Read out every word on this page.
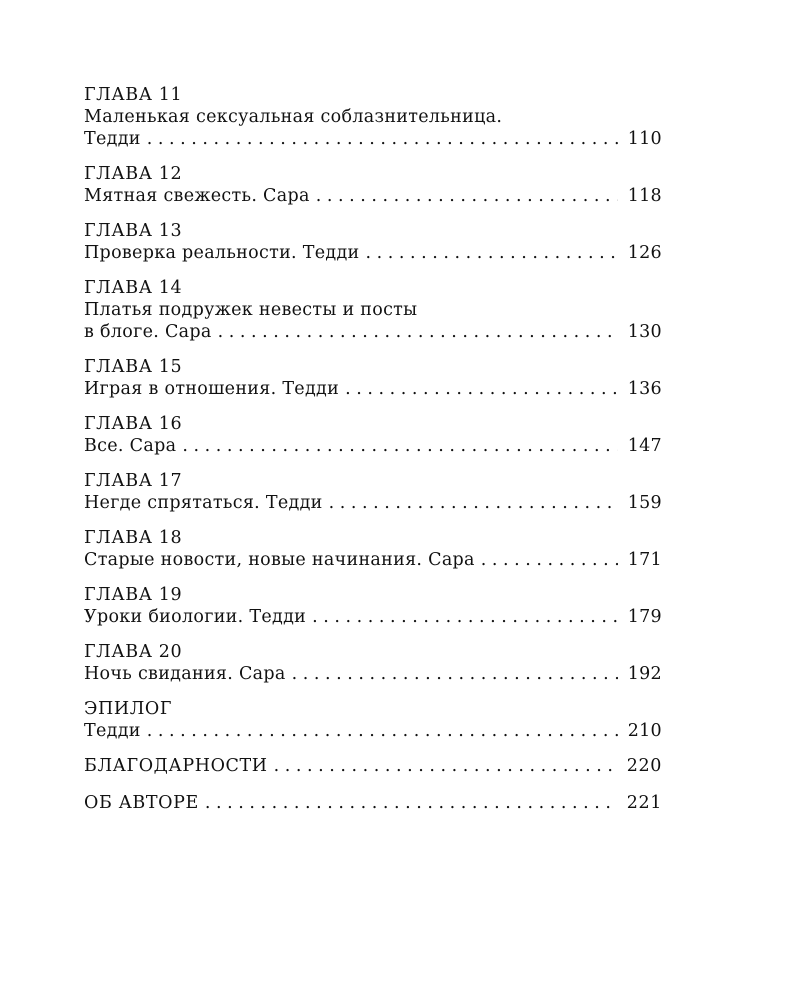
ГЛАВА 11
Маленькая сексуальная соблазнительница.
Тедди . . .	110
ГЛАВА 12
Мятная свежесть. Сара . . .	118
ГЛАВА 13
Проверка реальности. Тедди . . .	126
ГЛАВА 14
Платья подружек невесты и посты
в блоге. Сара . . .	130
ГЛАВА 15
Играя в отношения. Тедди . . .	136
ГЛАВА 16
Все. Сара . . .	147
ГЛАВА 17
Негде спрятаться. Тедди . . .	159
ГЛАВА 18
Старые новости, новые начинания. Сара . . .	171
ГЛАВА 19
Уроки биологии. Тедди . . .	179
ГЛАВА 20
Ночь свидания. Сара . . .	192
ЭПИЛОГ
Тедди . . .	210
БЛАГОДАРНОСТИ . . .	220
ОБ АВТОРЕ . . .	221
